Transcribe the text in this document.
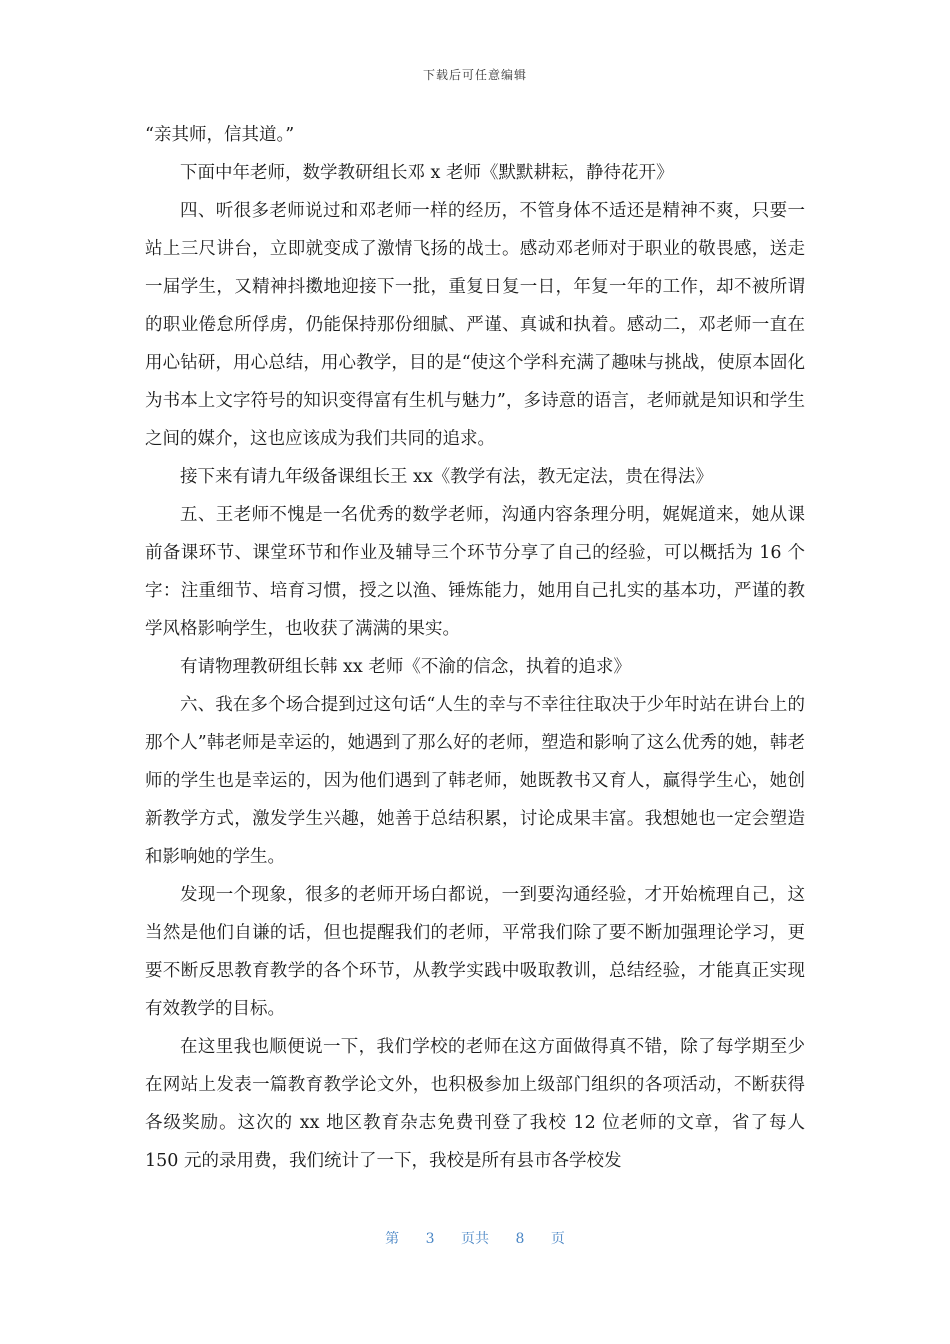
下载后可任意编辑

“亲其师，信其道。”

下面中年老师，数学教研组长邓 x 老师《默默耕耘，静待花开》

四、听很多老师说过和邓老师一样的经历，不管身体不适还是精神不爽，只要一站上三尺讲台，立即就变成了激情飞扬的战士。感动邓老师对于职业的敬畏感，送走一届学生，又精神抖擞地迎接下一批，重复日复一日，年复一年的工作，却不被所谓的职业倦怠所俘虏，仍能保持那份细腻、严谨、真诚和执着。感动二，邓老师一直在用心钻研，用心总结，用心教学，目的是“使这个学科充满了趣味与挑战，使原本固化为书本上文字符号的知识变得富有生机与魅力”，多诗意的语言，老师就是知识和学生之间的媒介，这也应该成为我们共同的追求。

接下来有请九年级备课组长王 xx《教学有法，教无定法，贵在得法》

五、王老师不愧是一名优秀的数学老师，沟通内容条理分明，娓娓道来，她从课前备课环节、课堂环节和作业及辅导三个环节分享了自己的经验，可以概括为 16 个字：注重细节、培育习惯，授之以渔、锤炼能力，她用自己扎实的基本功，严谨的教学风格影响学生，也收获了满满的果实。

有请物理教研组长韩 xx 老师《不渝的信念，执着的追求》

六、我在多个场合提到过这句话“人生的幸与不幸往往取决于少年时站在讲台上的那个人”韩老师是幸运的，她遇到了那么好的老师，塑造和影响了这么优秀的她，韩老师的学生也是幸运的，因为他们遇到了韩老师，她既教书又育人，赢得学生心，她创新教学方式，激发学生兴趣，她善于总结积累，讨论成果丰富。我想她也一定会塑造和影响她的学生。

发现一个现象，很多的老师开场白都说，一到要沟通经验，才开始梳理自己，这当然是他们自谦的话，但也提醒我们的老师，平常我们除了要不断加强理论学习，更要不断反思教育教学的各个环节，从教学实践中吸取教训，总结经验，才能真正实现有效教学的目标。

在这里我也顺便说一下，我们学校的老师在这方面做得真不错，除了每学期至少在网站上发表一篇教育教学论文外，也积极参加上级部门组织的各项活动，不断获得各级奖励。这次的 xx 地区教育杂志免费刊登了我校 12 位老师的文章，省了每人 150 元的录用费，我们统计了一下，我校是所有县市各学校发

第 3 页共 8 页
